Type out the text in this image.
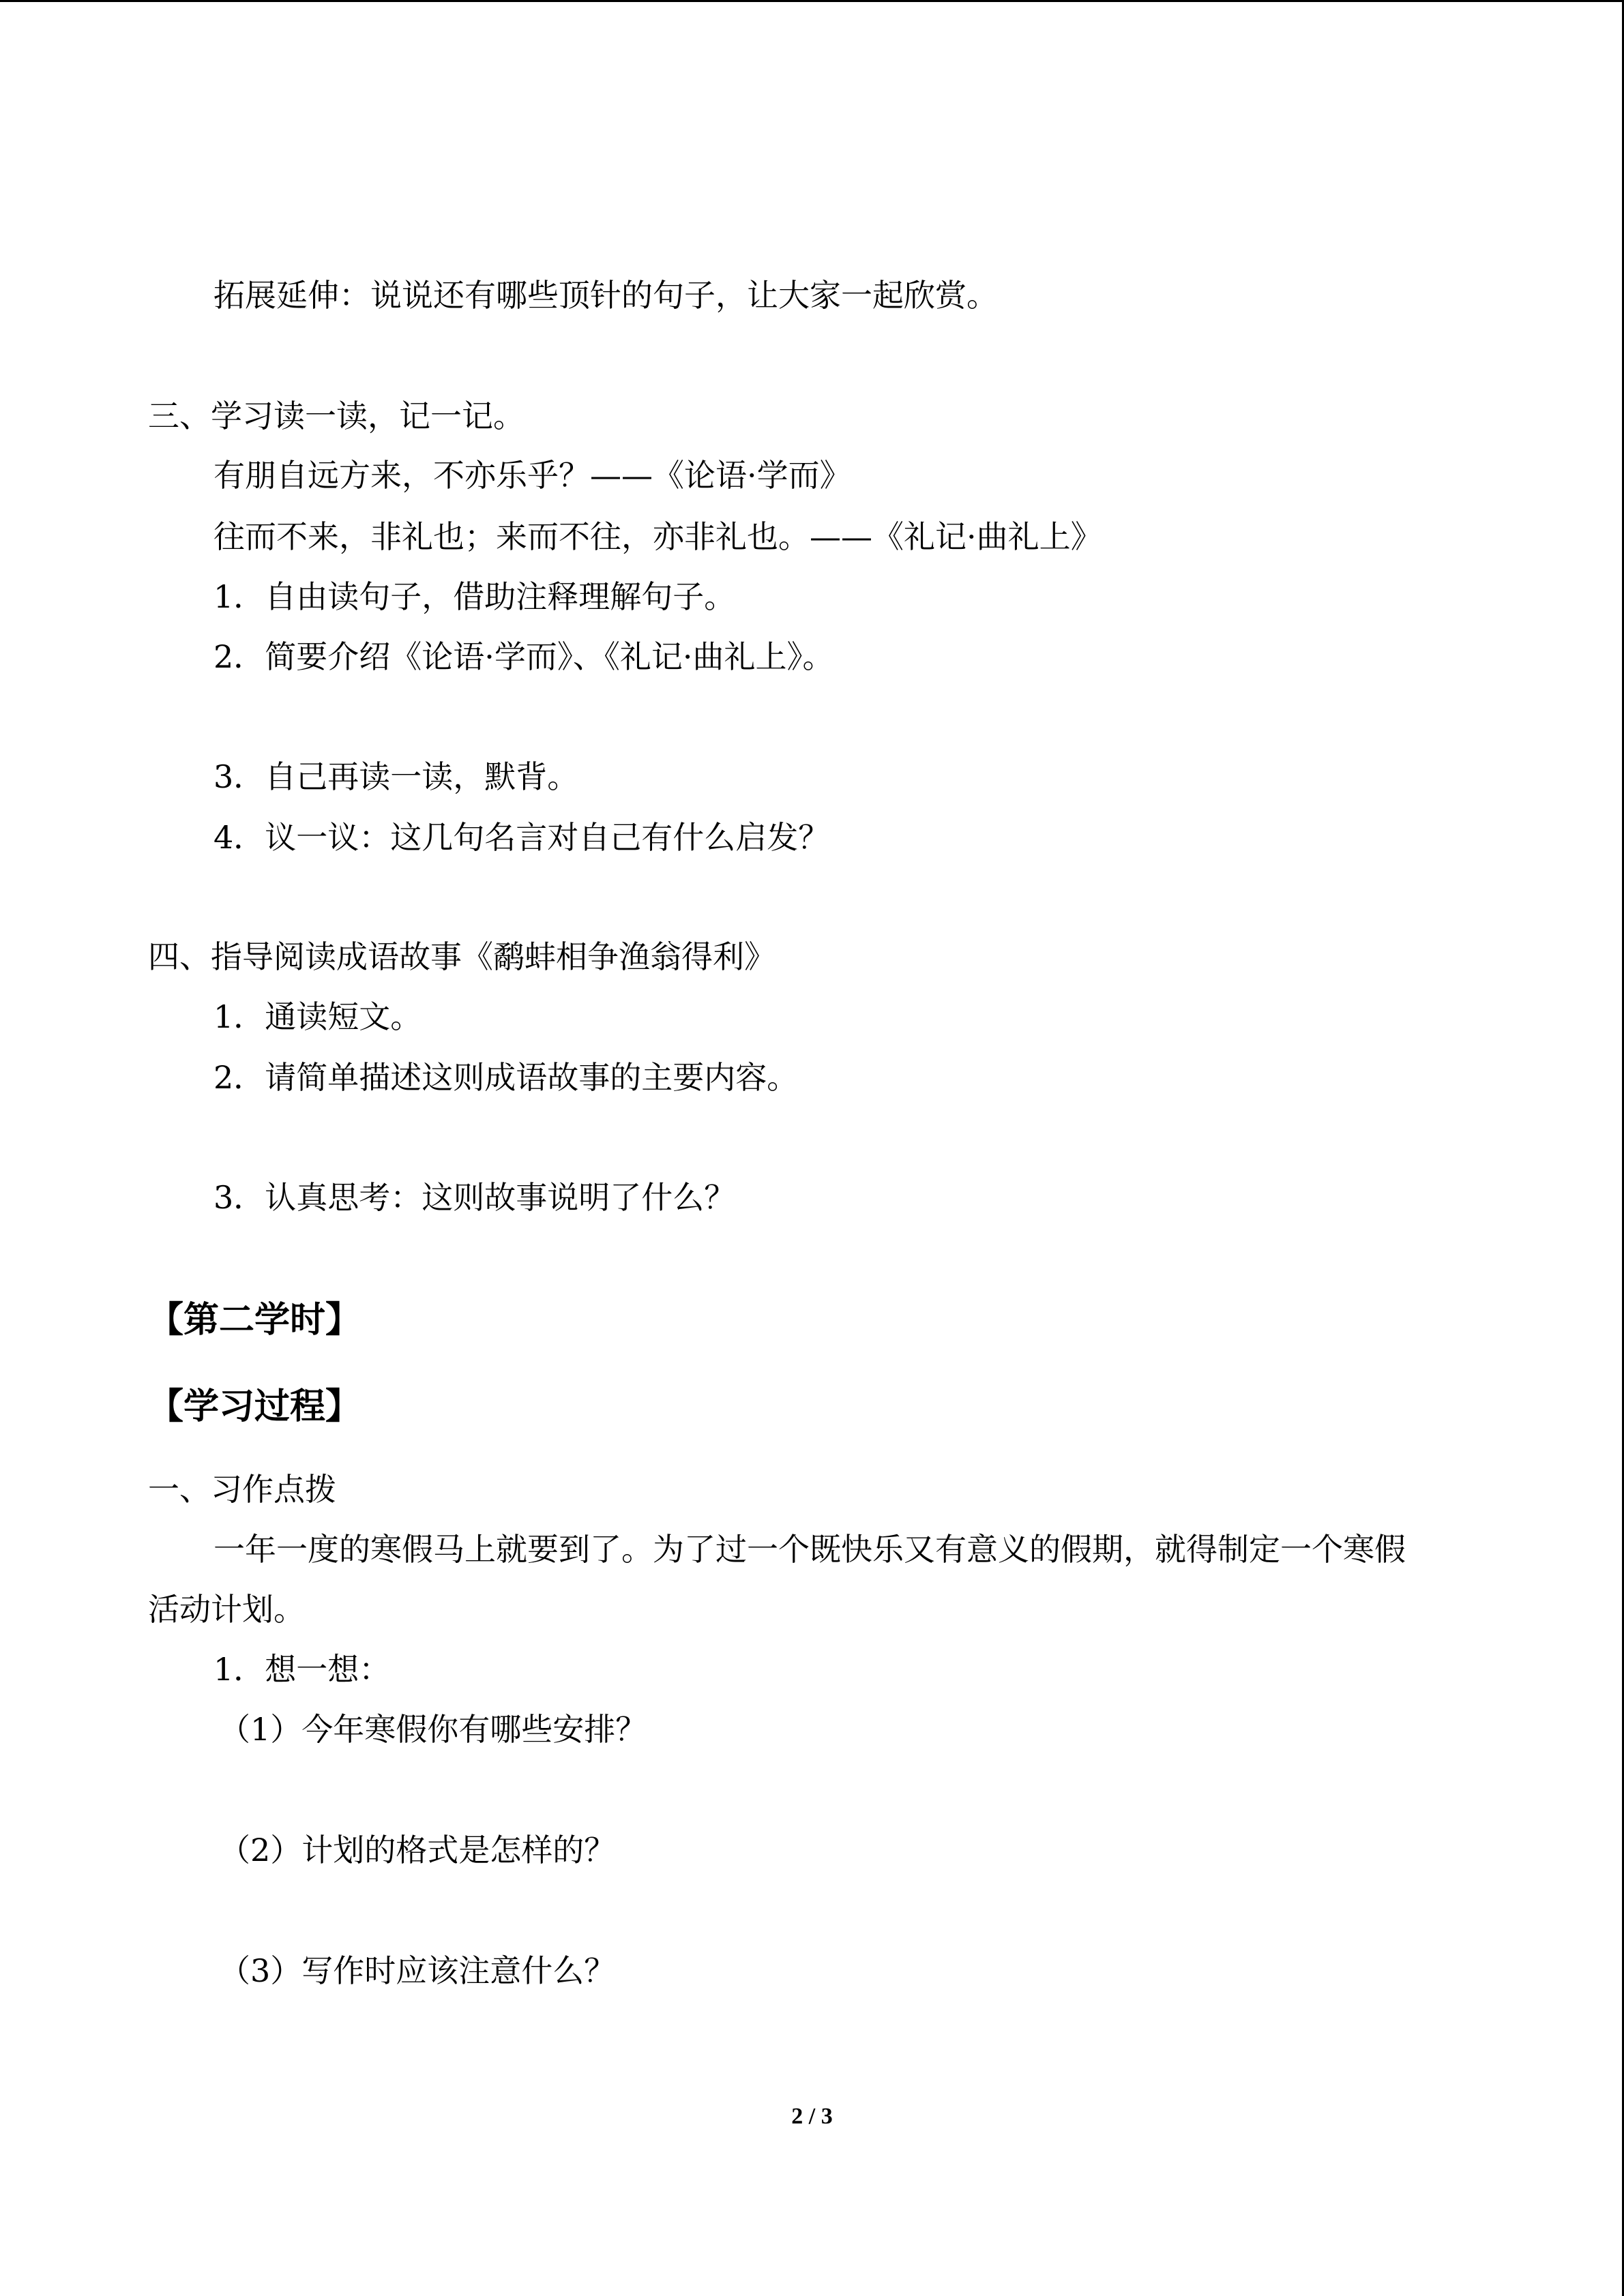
拓展延伸：说说还有哪些顶针的句子，让大家一起欣赏。

三、学习读一读，记一记。

有朋自远方来，不亦乐乎？——《论语·学而》

往而不来，非礼也；来而不往，亦非礼也。——《礼记·曲礼上》

1．自由读句子，借助注释理解句子。

2．简要介绍《论语·学而》、《礼记·曲礼上》。

3．自己再读一读，默背。

4．议一议：这几句名言对自己有什么启发？

四、指导阅读成语故事《鹬蚌相争渔翁得利》

1．通读短文。

2．请简单描述这则成语故事的主要内容。

3．认真思考：这则故事说明了什么？

【第二学时】

【学习过程】

一、习作点拨

一年一度的寒假马上就要到了。为了过一个既快乐又有意义的假期，就得制定一个寒假

活动计划。

1．想一想：

（1）今年寒假你有哪些安排？

（2）计划的格式是怎样的？

（3）写作时应该注意什么？

2 / 3
